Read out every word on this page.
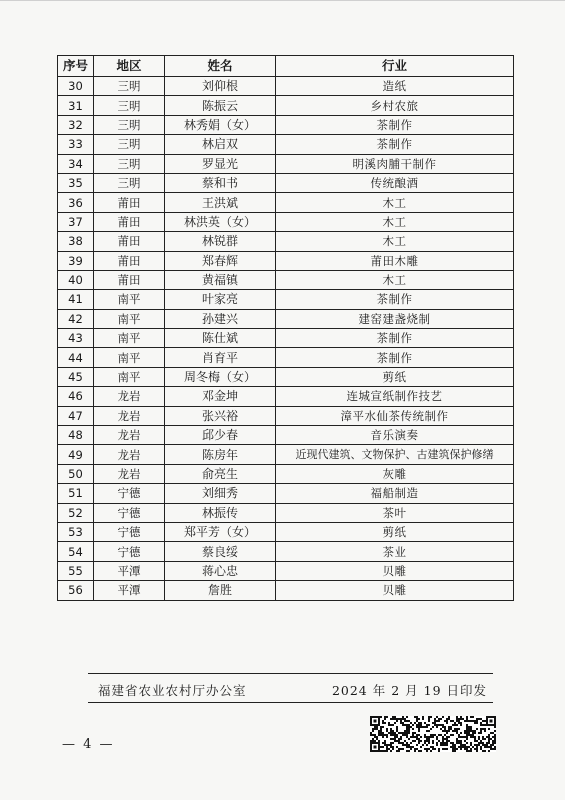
序号	地区	姓名	行业
30	三明	刘仰根	造纸
31	三明	陈振云	乡村农旅
32	三明	林秀娟（女）	茶制作
33	三明	林启双	茶制作
34	三明	罗显光	明溪肉脯干制作
35	三明	蔡和书	传统酿酒
36	莆田	王洪斌	木工
37	莆田	林洪英（女）	木工
38	莆田	林锐群	木工
39	莆田	郑春辉	莆田木雕
40	莆田	黄福镇	木工
41	南平	叶家亮	茶制作
42	南平	孙建兴	建窑建盏烧制
43	南平	陈仕斌	茶制作
44	南平	肖育平	茶制作
45	南平	周冬梅（女）	剪纸
46	龙岩	邓金坤	连城宣纸制作技艺
47	龙岩	张兴裕	漳平水仙茶传统制作
48	龙岩	邱少春	音乐演奏
49	龙岩	陈房年	近现代建筑、文物保护、古建筑保护修缮
50	龙岩	俞亮生	灰雕
51	宁德	刘细秀	福船制造
52	宁德	林振传	茶叶
53	宁德	郑平芳（女）	剪纸
54	宁德	蔡良绥	茶业
55	平潭	蒋心忠	贝雕
56	平潭	詹胜	贝雕
福建省农业农村厅办公室	2024 年 2 月 19 日印发
— 4 —
